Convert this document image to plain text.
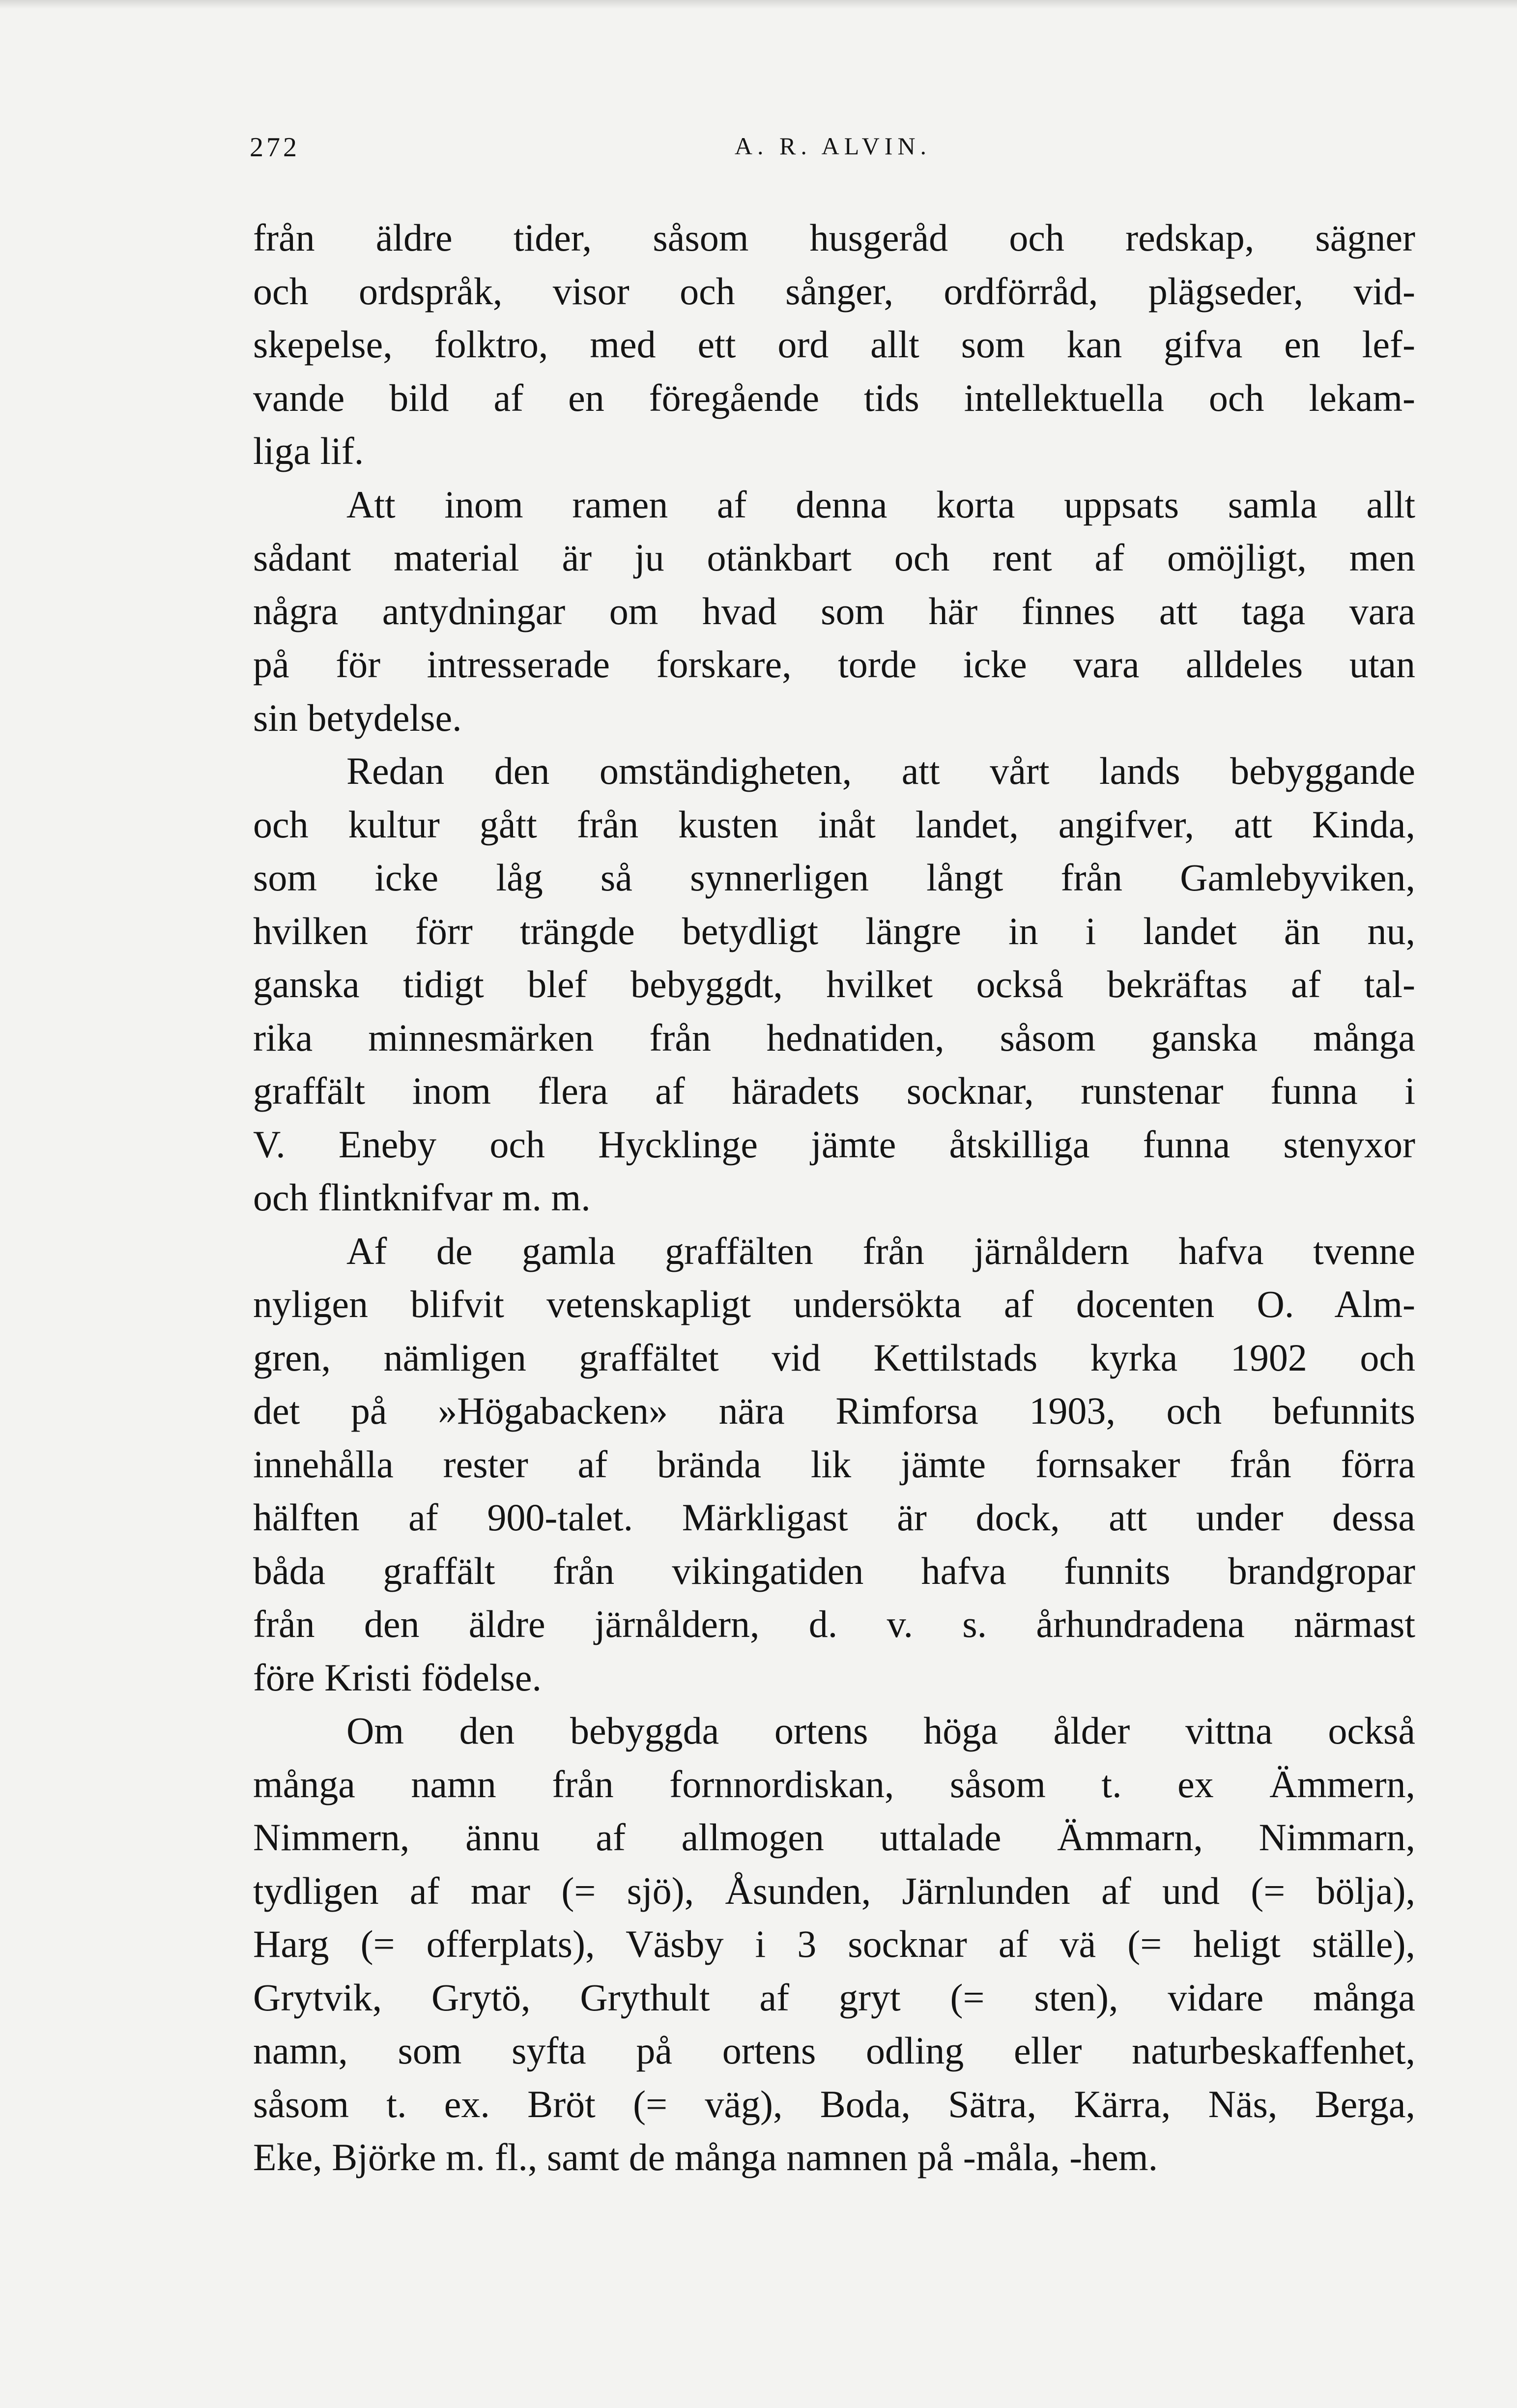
272	A. R. ALVIN.
från äldre tider, såsom husgeråd och redskap, sägner
och ordspråk, visor och sånger, ordförråd, plägseder, vid-
skepelse, folktro, med ett ord allt som kan gifva en lef-
vande bild af en föregående tids intellektuella och lekam-
liga lif.
Att inom ramen af denna korta uppsats samla allt
sådant material är ju otänkbart och rent af omöjligt, men
några antydningar om hvad som här finnes att taga vara
på för intresserade forskare, torde icke vara alldeles utan
sin betydelse.
Redan den omständigheten, att vårt lands bebyggande
och kultur gått från kusten inåt landet, angifver, att Kinda,
som icke låg så synnerligen långt från Gamlebyviken,
hvilken förr trängde betydligt längre in i landet än nu,
ganska tidigt blef bebyggdt, hvilket också bekräftas af tal-
rika minnesmärken från hednatiden, såsom ganska många
graffält inom flera af häradets socknar, runstenar funna i
V. Eneby och Hycklinge jämte åtskilliga funna stenyxor
och flintknifvar m. m.
Af de gamla graffälten från järnåldern hafva tvenne
nyligen blifvit vetenskapligt undersökta af docenten O. Alm-
gren, nämligen graffältet vid Kettilstads kyrka 1902 och
det på »Högabacken» nära Rimforsa 1903, och befunnits
innehålla rester af brända lik jämte fornsaker från förra
hälften af 900-talet. Märkligast är dock, att under dessa
båda graffält från vikingatiden hafva funnits brandgropar
från den äldre järnåldern, d. v. s. århundradena närmast
före Kristi födelse.
Om den bebyggda ortens höga ålder vittna också
många namn från fornnordiskan, såsom t. ex Ämmern,
Nimmern, ännu af allmogen uttalade Ämmarn, Nimmarn,
tydligen af mar (= sjö), Åsunden, Järnlunden af und (= bölja),
Harg (= offerplats), Väsby i 3 socknar af vä (= heligt ställe),
Grytvik, Grytö, Grythult af gryt (= sten), vidare många
namn, som syfta på ortens odling eller naturbeskaffenhet,
såsom t. ex. Bröt (= väg), Boda, Sätra, Kärra, Näs, Berga,
Eke, Björke m. fl., samt de många namnen på -måla, -hem.
